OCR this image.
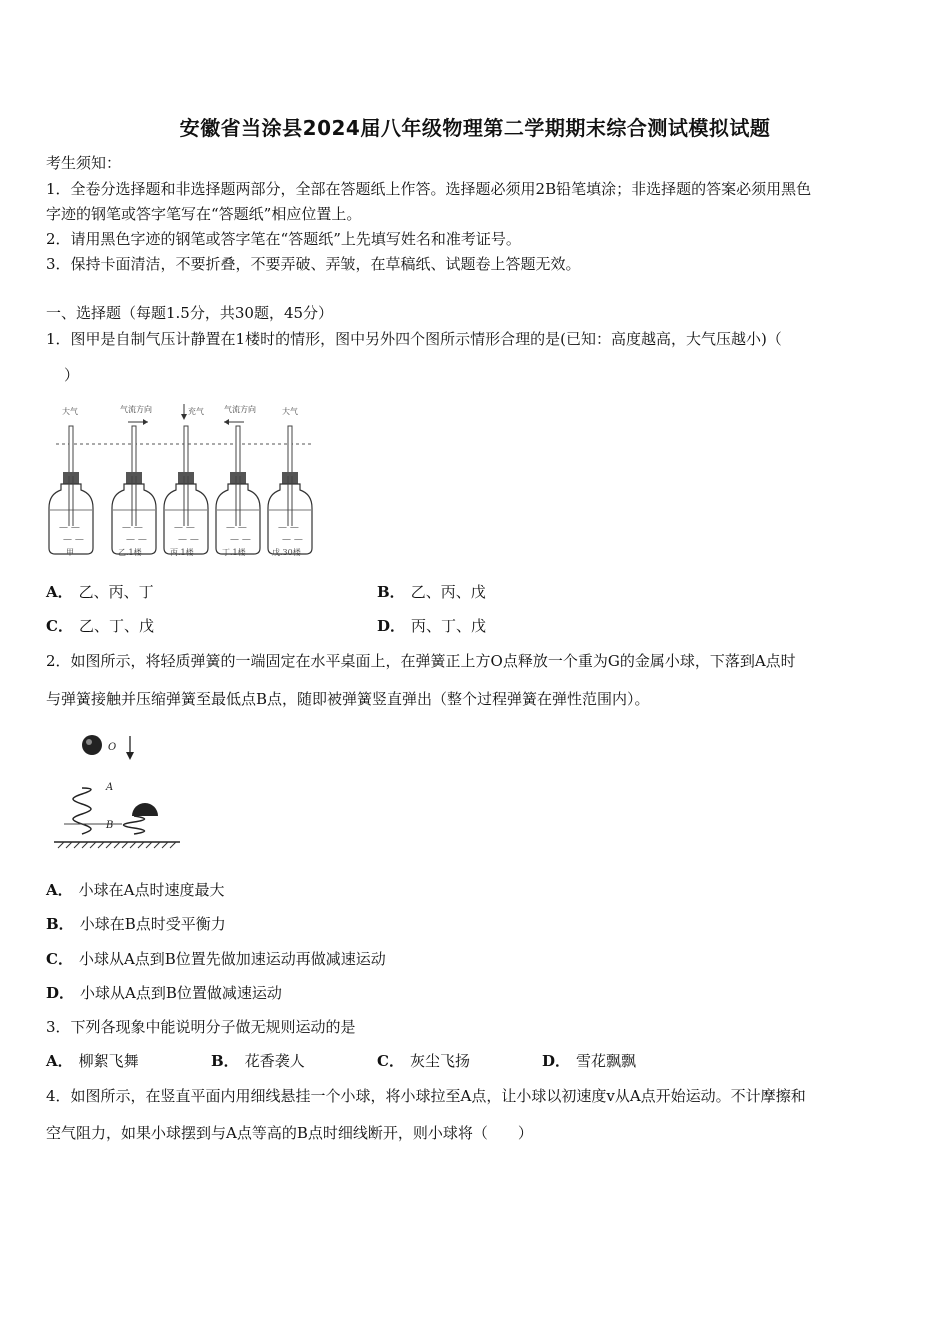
安徽省当涂县2024届八年级物理第二学期期末综合测试模拟试题
考生须知：
1．全卷分选择题和非选择题两部分，全部在答题纸上作答。选择题必须用2B铅笔填涂；非选择题的答案必须用黑色
字迹的钢笔或答字笔写在“答题纸”相应位置上。
2．请用黑色字迹的钢笔或答字笔在“答题纸”上先填写姓名和准考证号。
3．保持卡面清洁，不要折叠，不要弄破、弄皱，在草稿纸、试题卷上答题无效。
一、选择题（每题1.5分，共30题，45分）
1．图甲是自制气压计静置在1楼时的情形，图中另外四个图所示情形合理的是(已知：高度越高，大气压越小)（
）
— —
— —
— —
— —
— —
— —
— —
— —
— —
— —
大气	气流方向	充气	气流方向	大气
甲	乙.1楼	丙.1楼	丁.1楼	戊.30楼
A． 乙、丙、丁	B． 乙、丙、戊
C． 乙、丁、戊	D． 丙、丁、戊
2．如图所示，将轻质弹簧的一端固定在水平桌面上，在弹簧正上方O点释放一个重为G的金属小球，下落到A点时
与弹簧接触并压缩弹簧至最低点B点，随即被弹簧竖直弹出（整个过程弹簧在弹性范围内）。
O
A
B
A． 小球在A点时速度最大
B． 小球在B点时受平衡力
C． 小球从A点到B位置先做加速运动再做减速运动
D． 小球从A点到B位置做减速运动
3．下列各现象中能说明分子做无规则运动的是
A． 柳絮飞舞	B． 花香袭人	C． 灰尘飞扬	D． 雪花飘飘
4．如图所示，在竖直平面内用细线悬挂一个小球，将小球拉至A点，让小球以初速度v从A点开始运动。不计摩擦和
空气阻力，如果小球摆到与A点等高的B点时细线断开，则小球将（　　）
